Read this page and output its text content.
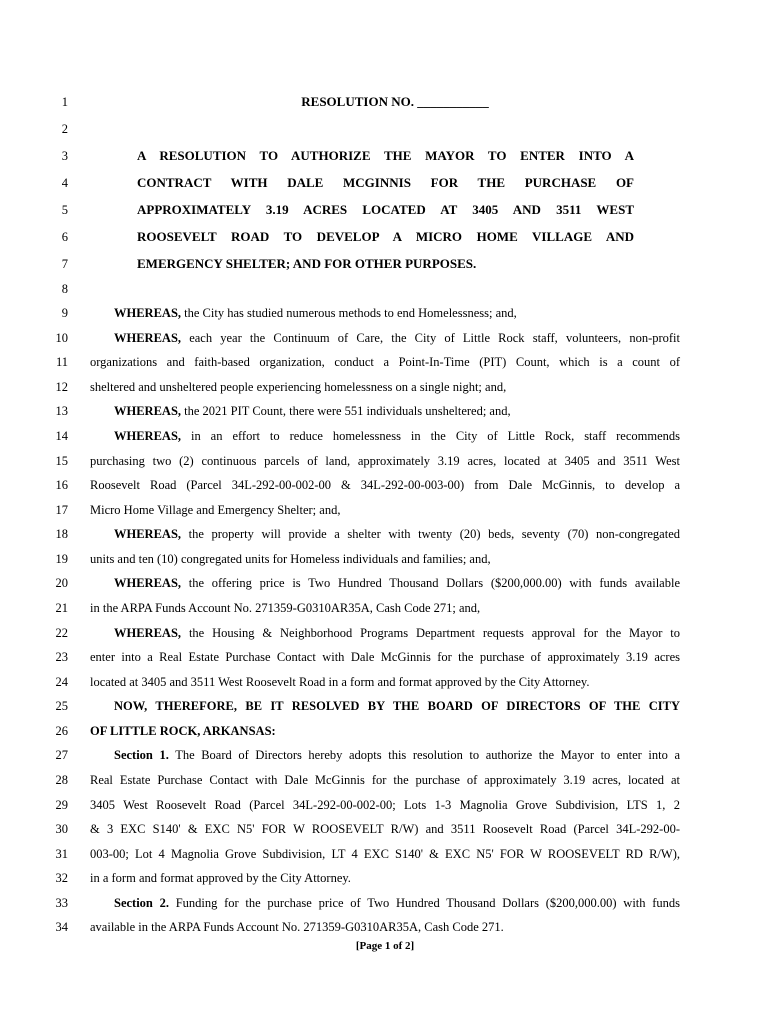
1
2
3
4
5
6
7
8
9
10
11
12
13
14
15
16
17
18
19
20
21
22
23
24
25
26
27
28
29
30
31
32
33
34
RESOLUTION NO. ___________
A RESOLUTION TO AUTHORIZE THE MAYOR TO ENTER INTO A
CONTRACT WITH DALE MCGINNIS FOR THE PURCHASE OF
APPROXIMATELY 3.19 ACRES LOCATED AT 3405 AND 3511 WEST
ROOSEVELT ROAD TO DEVELOP A MICRO HOME VILLAGE AND
EMERGENCY SHELTER; AND FOR OTHER PURPOSES.
WHEREAS, the City has studied numerous methods to end Homelessness; and,
WHEREAS, each year the Continuum of Care, the City of Little Rock staff, volunteers, non-profit
organizations and faith-based organization, conduct a Point-In-Time (PIT) Count, which is a count of
sheltered and unsheltered people experiencing homelessness on a single night; and,
WHEREAS, the 2021 PIT Count, there were 551 individuals unsheltered; and,
WHEREAS, in an effort to reduce homelessness in the City of Little Rock, staff recommends
purchasing two (2) continuous parcels of land, approximately 3.19 acres, located at 3405 and 3511 West
Roosevelt Road (Parcel 34L-292-00-002-00 & 34L-292-00-003-00) from Dale McGinnis, to develop a
Micro Home Village and Emergency Shelter; and,
WHEREAS, the property will provide a shelter with twenty (20) beds, seventy (70) non-congregated
units and ten (10) congregated units for Homeless individuals and families; and,
WHEREAS, the offering price is Two Hundred Thousand Dollars ($200,000.00) with funds available
in the ARPA Funds Account No. 271359-G0310AR35A, Cash Code 271; and,
WHEREAS, the Housing & Neighborhood Programs Department requests approval for the Mayor to
enter into a Real Estate Purchase Contact with Dale McGinnis for the purchase of approximately 3.19 acres
located at 3405 and 3511 West Roosevelt Road in a form and format approved by the City Attorney.
NOW, THEREFORE, BE IT RESOLVED BY THE BOARD OF DIRECTORS OF THE CITY
OF LITTLE ROCK, ARKANSAS:
Section 1. The Board of Directors hereby adopts this resolution to authorize the Mayor to enter into a
Real Estate Purchase Contact with Dale McGinnis for the purchase of approximately 3.19 acres, located at
3405 West Roosevelt Road (Parcel 34L-292-00-002-00; Lots 1-3 Magnolia Grove Subdivision, LTS 1, 2
& 3 EXC S140' & EXC N5' FOR W ROOSEVELT R/W) and 3511 Roosevelt Road (Parcel 34L-292-00-
003-00; Lot 4 Magnolia Grove Subdivision, LT 4 EXC S140' & EXC N5' FOR W ROOSEVELT RD R/W),
in a form and format approved by the City Attorney.
Section 2. Funding for the purchase price of Two Hundred Thousand Dollars ($200,000.00) with funds
available in the ARPA Funds Account No. 271359-G0310AR35A, Cash Code 271.
[Page 1 of 2]
